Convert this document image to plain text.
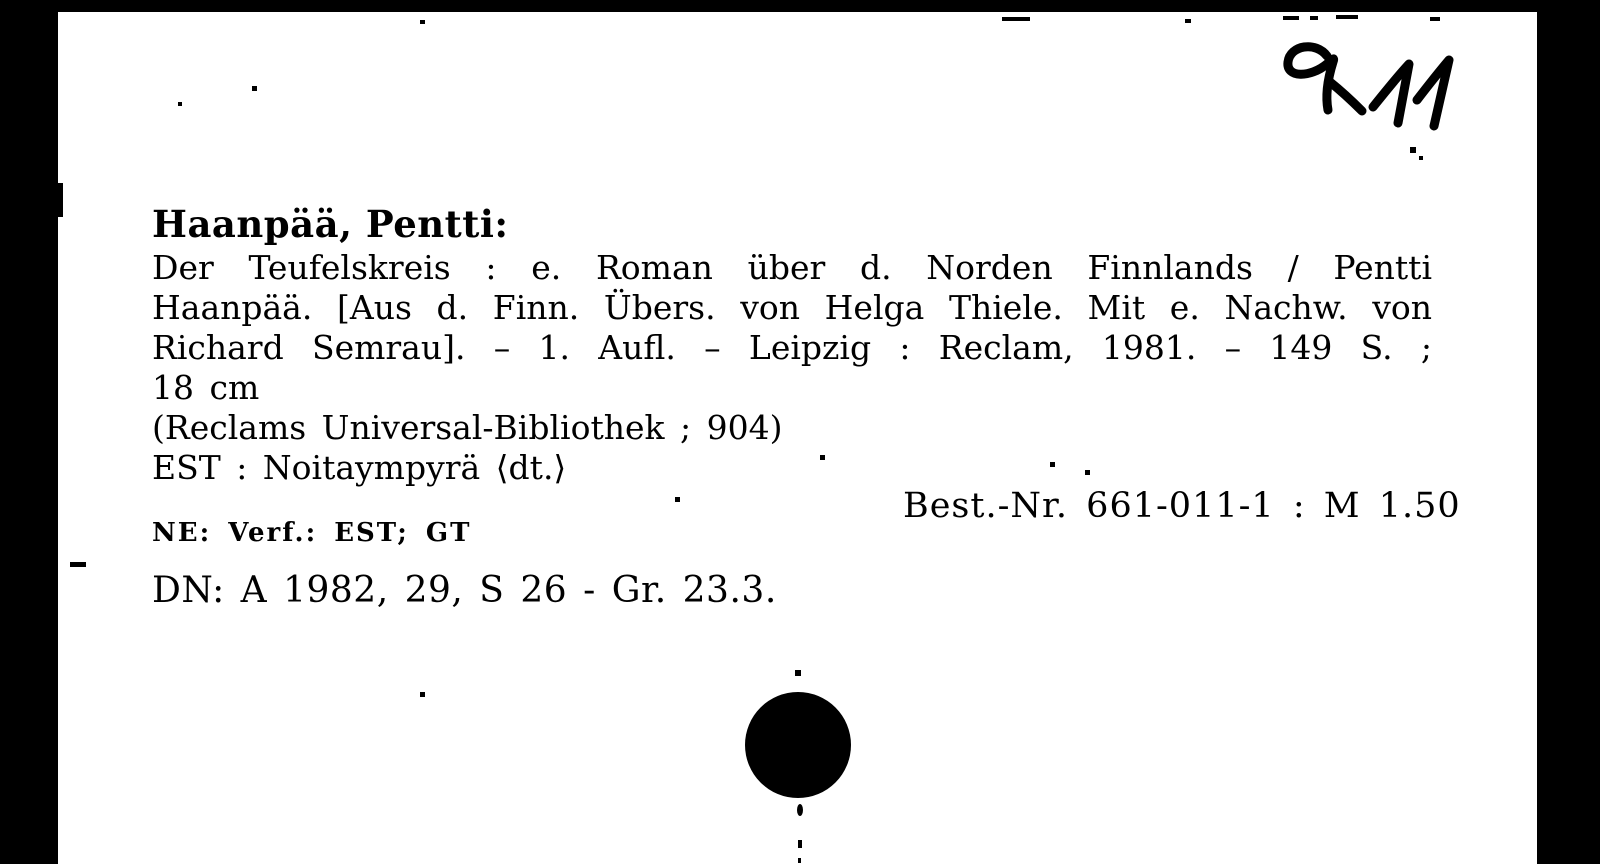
Haanpää, Pentti:
Der Teufelskreis : e. Roman über d. Norden Finnlands / Pentti
Haanpää. [Aus d. Finn. Übers. von Helga Thiele. Mit e. Nachw. von
Richard Semrau]. – 1. Aufl. – Leipzig : Reclam, 1981. – 149 S. ;
18 cm
(Reclams Universal-Bibliothek ; 904)
EST : Noitaympyrä ⟨dt.⟩
Best.-Nr. 661-011-1 : M 1.50
NE: Verf.: EST; GT
DN: A 1982, 29, S 26 - Gr. 23.3.
